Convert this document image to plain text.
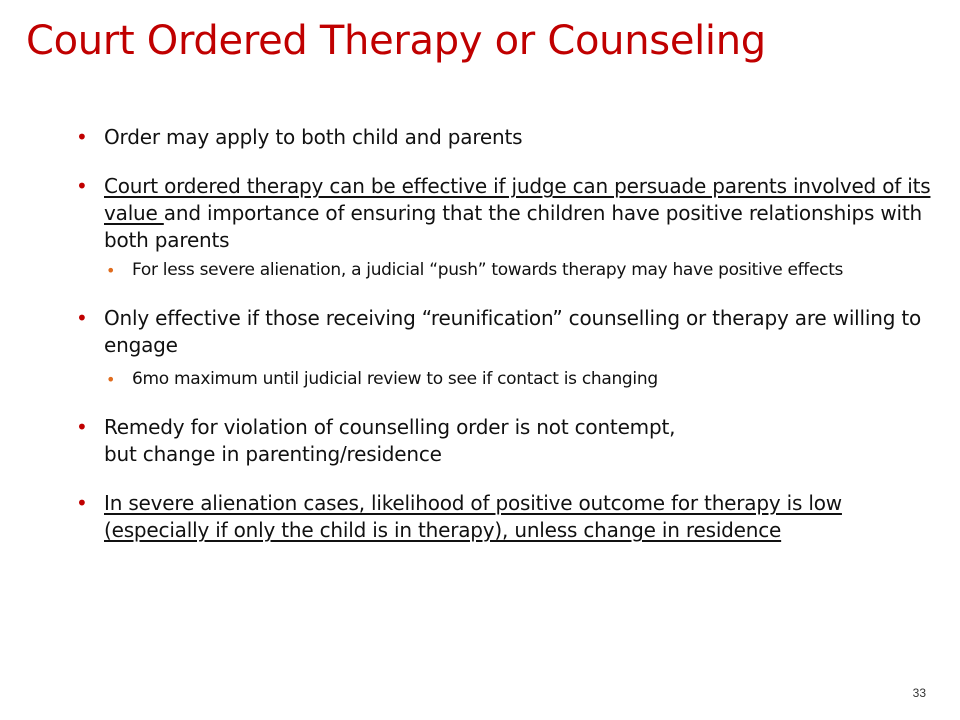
Court Ordered Therapy or Counseling
• Order may apply to both child and parents
• Court ordered therapy can be effective if judge can persuade parents involved of its value and importance of ensuring that the children have positive relationships with both parents
• For less severe alienation, a judicial “push” towards therapy may have positive effects
• Only effective if those receiving “reunification” counselling or therapy are willing to engage
• 6mo maximum until judicial review to see if contact is changing
• Remedy for violation of counselling order is not contempt,
but change in parenting/residence
• In severe alienation cases, likelihood of positive outcome for therapy is low (especially if only the child is in therapy), unless change in residence
33
